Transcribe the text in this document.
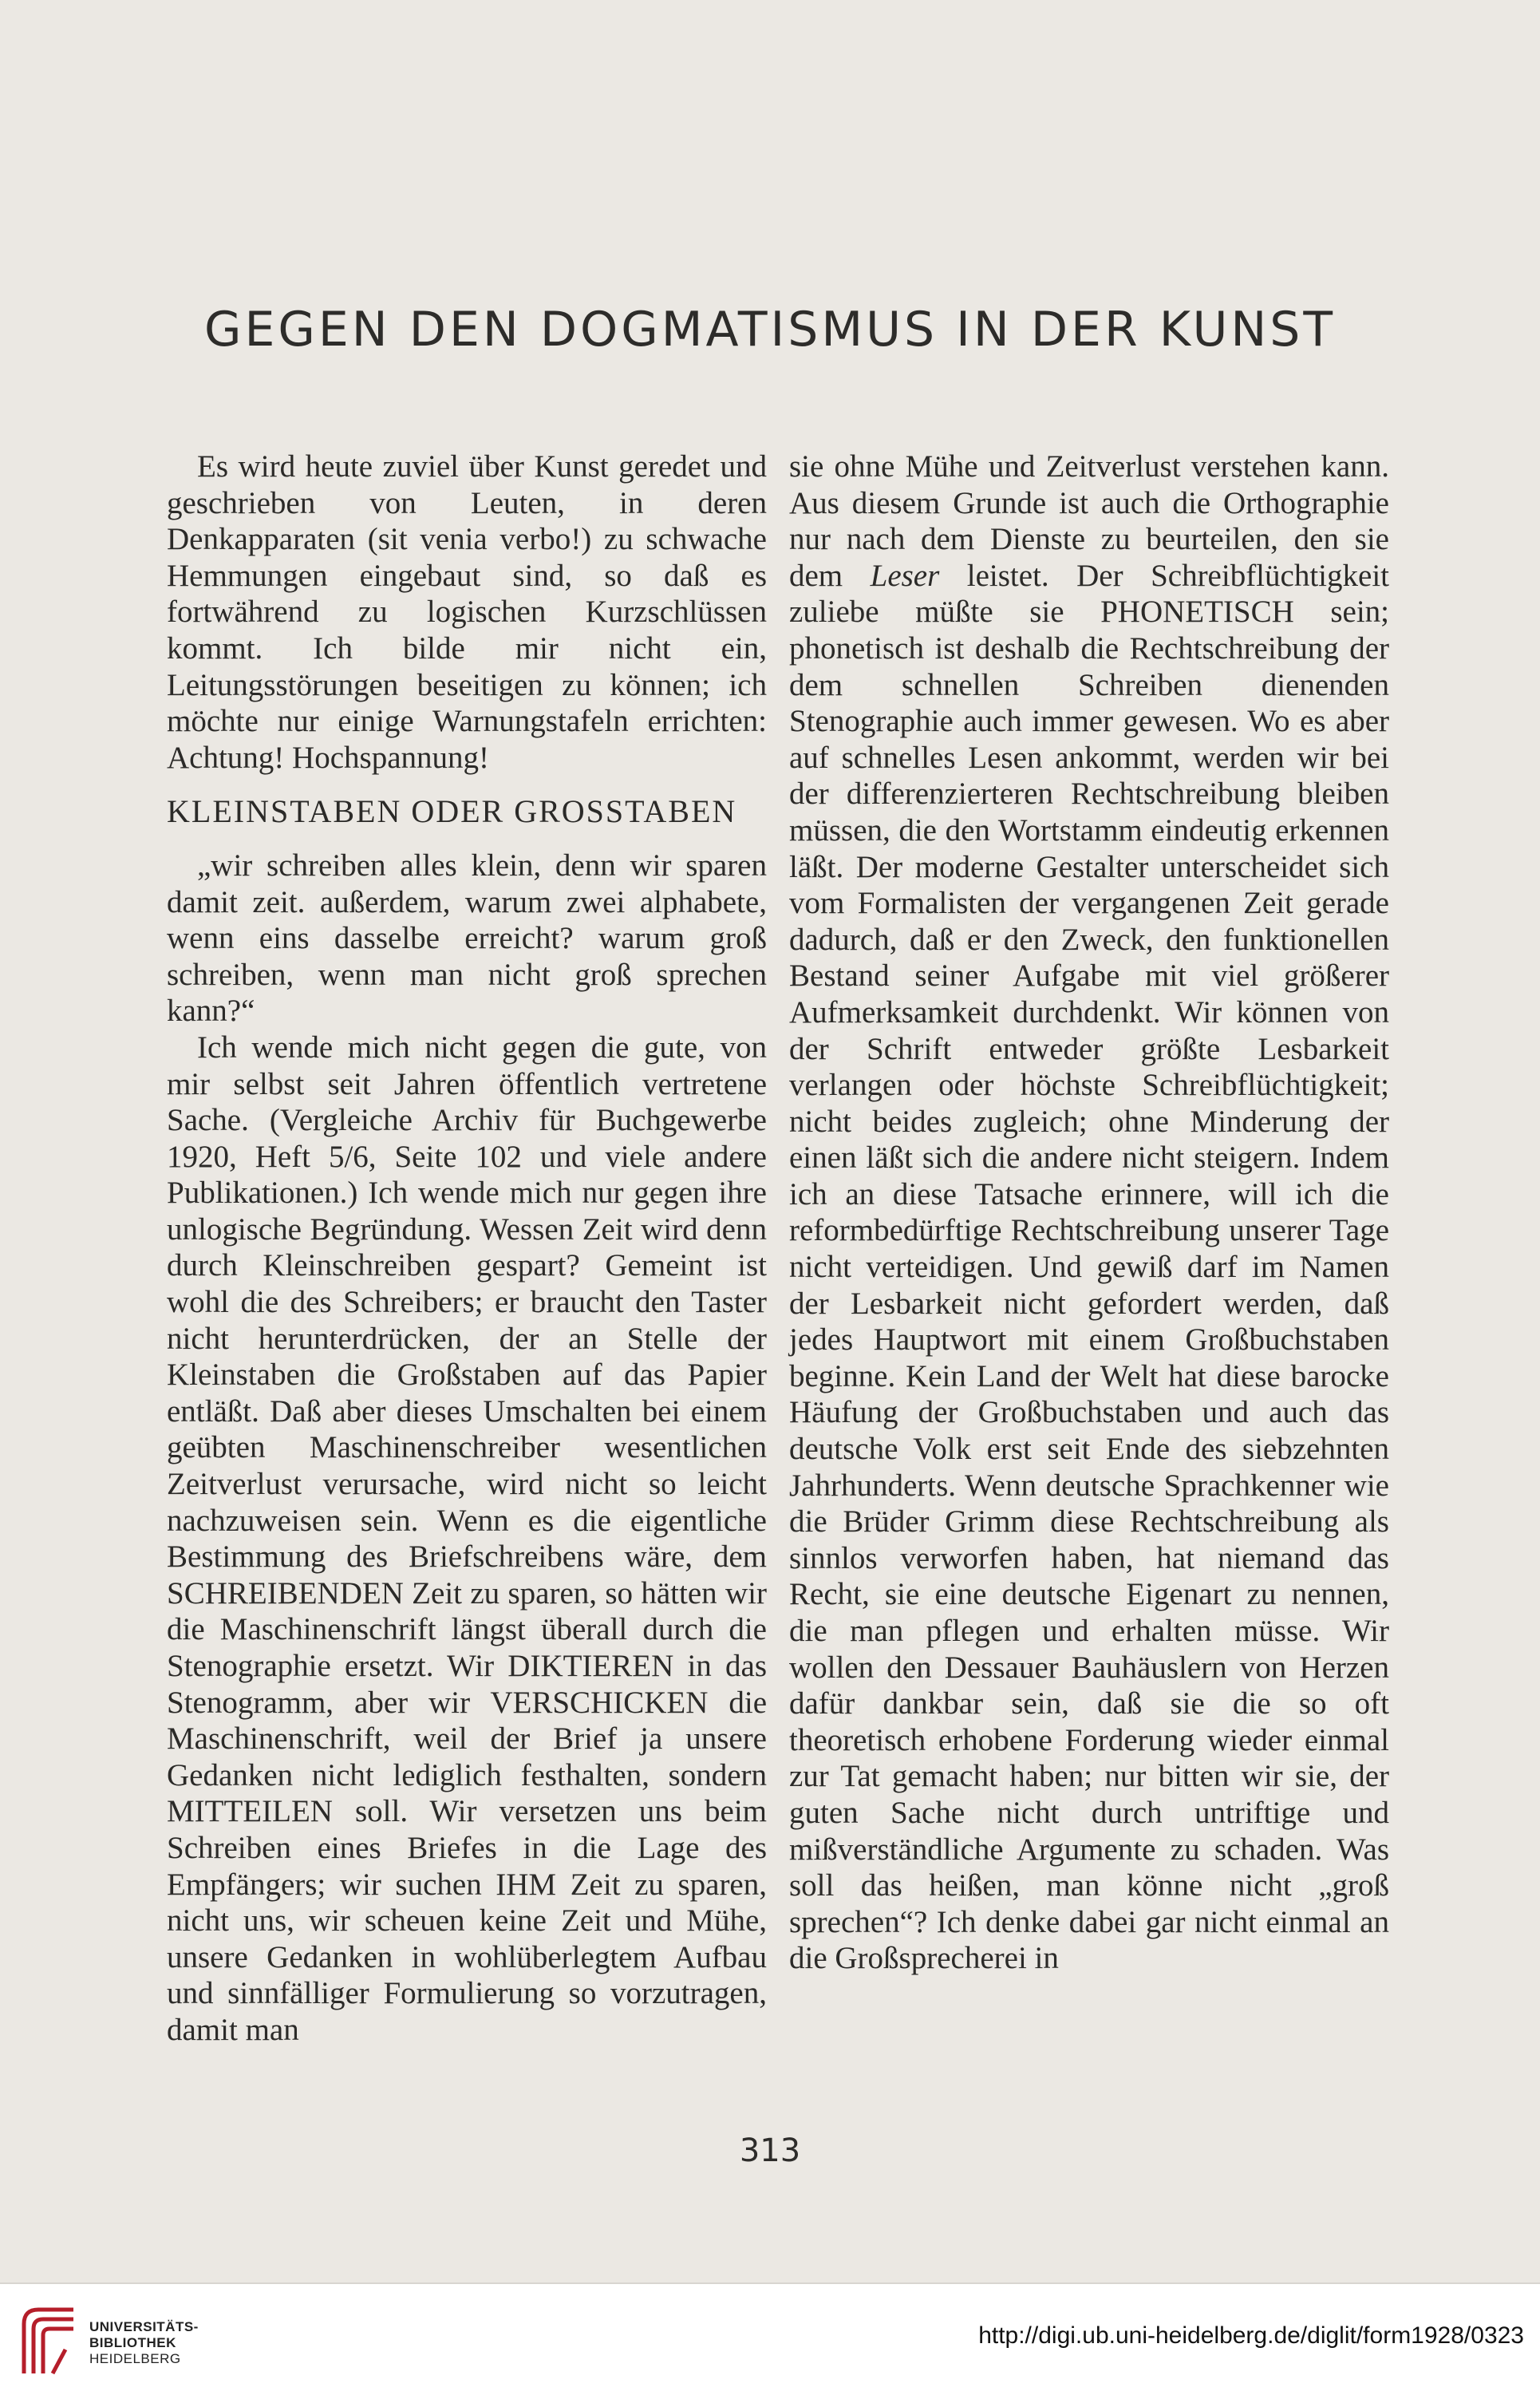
GEGEN DEN DOGMATISMUS IN DER KUNST

Es wird heute zuviel über Kunst geredet und geschrieben von Leuten, in deren Denkapparaten (sit venia verbo!) zu schwache Hemmungen eingebaut sind, so daß es fortwährend zu logischen Kurzschlüssen kommt. Ich bilde mir nicht ein, Leitungsstörungen beseitigen zu können; ich möchte nur einige Warnungstafeln errichten: Achtung! Hochspannung!

KLEINSTABEN ODER GROSSTABEN

„wir schreiben alles klein, denn wir sparen damit zeit. außerdem, warum zwei alphabete, wenn eins dasselbe erreicht? warum groß schreiben, wenn man nicht groß sprechen kann?“

Ich wende mich nicht gegen die gute, von mir selbst seit Jahren öffentlich vertretene Sache. (Vergleiche Archiv für Buchgewerbe 1920, Heft 5/6, Seite 102 und viele andere Publikationen.) Ich wende mich nur gegen ihre unlogische Begründung. Wessen Zeit wird denn durch Kleinschreiben gespart? Gemeint ist wohl die des Schreibers; er braucht den Taster nicht herunterdrücken, der an Stelle der Kleinstaben die Großstaben auf das Papier entläßt. Daß aber dieses Umschalten bei einem geübten Maschinenschreiber wesentlichen Zeitverlust verursache, wird nicht so leicht nachzuweisen sein. Wenn es die eigentliche Bestimmung des Briefschreibens wäre, dem SCHREIBENDEN Zeit zu sparen, so hätten wir die Maschinenschrift längst überall durch die Stenographie ersetzt. Wir DIKTIEREN in das Stenogramm, aber wir VERSCHICKEN die Maschinenschrift, weil der Brief ja unsere Gedanken nicht lediglich festhalten, sondern MITTEILEN soll. Wir versetzen uns beim Schreiben eines Briefes in die Lage des Empfängers; wir suchen IHM Zeit zu sparen, nicht uns, wir scheuen keine Zeit und Mühe, unsere Gedanken in wohlüberlegtem Aufbau und sinnfälliger Formulierung so vorzutragen, damit man

sie ohne Mühe und Zeitverlust verstehen kann. Aus diesem Grunde ist auch die Orthographie nur nach dem Dienste zu beurteilen, den sie dem Leser leistet. Der Schreibflüchtigkeit zuliebe müßte sie PHONETISCH sein; phonetisch ist deshalb die Rechtschreibung der dem schnellen Schreiben dienenden Stenographie auch immer gewesen. Wo es aber auf schnelles Lesen ankommt, werden wir bei der differenzierteren Rechtschreibung bleiben müssen, die den Wortstamm eindeutig erkennen läßt. Der moderne Gestalter unterscheidet sich vom Formalisten der vergangenen Zeit gerade dadurch, daß er den Zweck, den funktionellen Bestand seiner Aufgabe mit viel größerer Aufmerksamkeit durchdenkt. Wir können von der Schrift entweder größte Lesbarkeit verlangen oder höchste Schreibflüchtigkeit; nicht beides zugleich; ohne Minderung der einen läßt sich die andere nicht steigern. Indem ich an diese Tatsache erinnere, will ich die reformbedürftige Rechtschreibung unserer Tage nicht verteidigen. Und gewiß darf im Namen der Lesbarkeit nicht gefordert werden, daß jedes Hauptwort mit einem Großbuchstaben beginne. Kein Land der Welt hat diese barocke Häufung der Großbuchstaben und auch das deutsche Volk erst seit Ende des siebzehnten Jahrhunderts. Wenn deutsche Sprachkenner wie die Brüder Grimm diese Rechtschreibung als sinnlos verworfen haben, hat niemand das Recht, sie eine deutsche Eigenart zu nennen, die man pflegen und erhalten müsse. Wir wollen den Dessauer Bauhäuslern von Herzen dafür dankbar sein, daß sie die so oft theoretisch erhobene Forderung wieder einmal zur Tat gemacht haben; nur bitten wir sie, der guten Sache nicht durch untriftige und mißverständliche Argumente zu schaden. Was soll das heißen, man könne nicht „groß sprechen“? Ich denke dabei gar nicht einmal an die Großsprecherei in

313
UNIVERSITÄTS-
BIBLIOTHEK
HEIDELBERG
http://digi.ub.uni-heidelberg.de/diglit/form1928/0323
